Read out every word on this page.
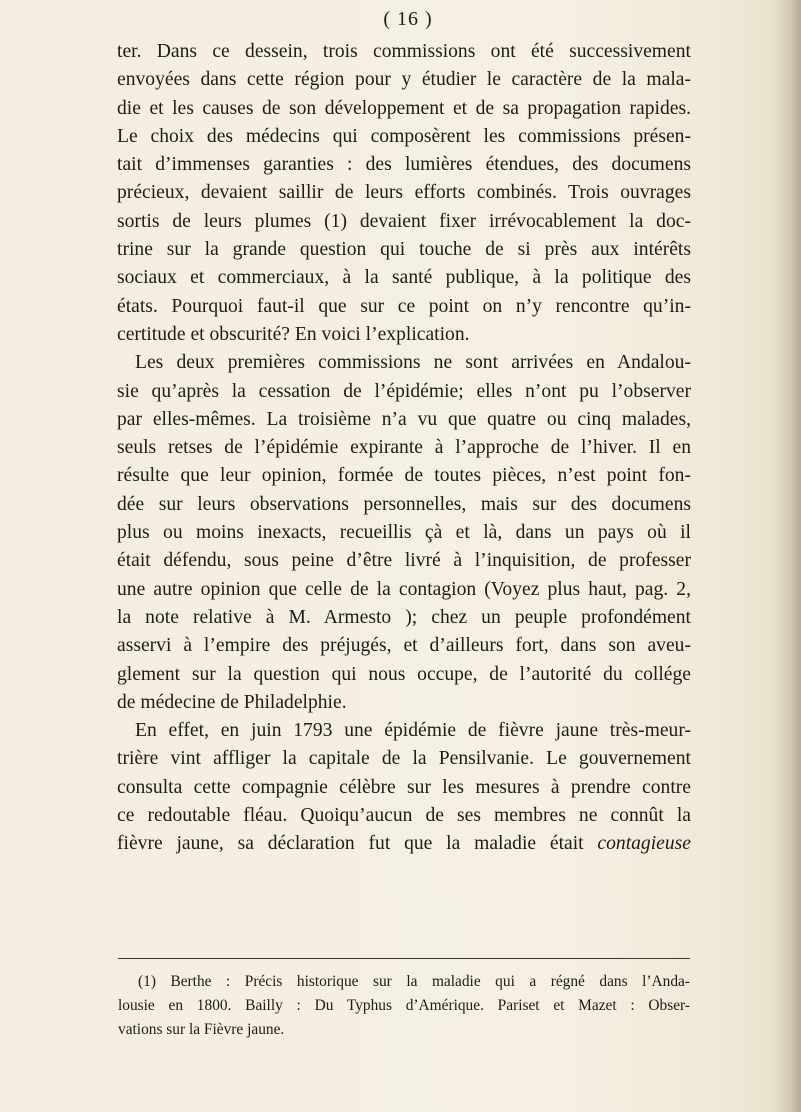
( 16 )
ter. Dans ce dessein, trois commissions ont été successivement
envoyées dans cette région pour y étudier le caractère de la mala-
die et les causes de son développement et de sa propagation rapides.
Le choix des médecins qui composèrent les commissions présen-
tait d’immenses garanties : des lumières étendues, des documens
précieux, devaient saillir de leurs efforts combinés. Trois ouvrages
sortis de leurs plumes (1) devaient fixer irrévocablement la doc-
trine sur la grande question qui touche de si près aux intérêts
sociaux et commerciaux, à la santé publique, à la politique des
états. Pourquoi faut-il que sur ce point on n’y rencontre qu’in-
certitude et obscurité? En voici l’explication.
Les deux premières commissions ne sont arrivées en Andalou-
sie qu’après la cessation de l’épidémie; elles n’ont pu l’observer
par elles-mêmes. La troisième n’a vu que quatre ou cinq malades,
seuls retses de l’épidémie expirante à l’approche de l’hiver. Il en
résulte que leur opinion, formée de toutes pièces, n’est point fon-
dée sur leurs observations personnelles, mais sur des documens
plus ou moins inexacts, recueillis çà et là, dans un pays où il
était défendu, sous peine d’être livré à l’inquisition, de professer
une autre opinion que celle de la contagion (Voyez plus haut, pag. 2,
la note relative à M. Armesto ); chez un peuple profondément
asservi à l’empire des préjugés, et d’ailleurs fort, dans son aveu-
glement sur la question qui nous occupe, de l’autorité du collége
de médecine de Philadelphie.
En effet, en juin 1793 une épidémie de fièvre jaune très-meur-
trière vint affliger la capitale de la Pensilvanie. Le gouvernement
consulta cette compagnie célèbre sur les mesures à prendre contre
ce redoutable fléau. Quoiqu’aucun de ses membres ne connût la
fièvre jaune, sa déclaration fut que la maladie était contagieuse
(1) Berthe : Précis historique sur la maladie qui a régné dans l’Anda-
lousie en 1800. Bailly : Du Typhus d’Amérique. Pariset et Mazet : Obser-
vations sur la Fièvre jaune.
